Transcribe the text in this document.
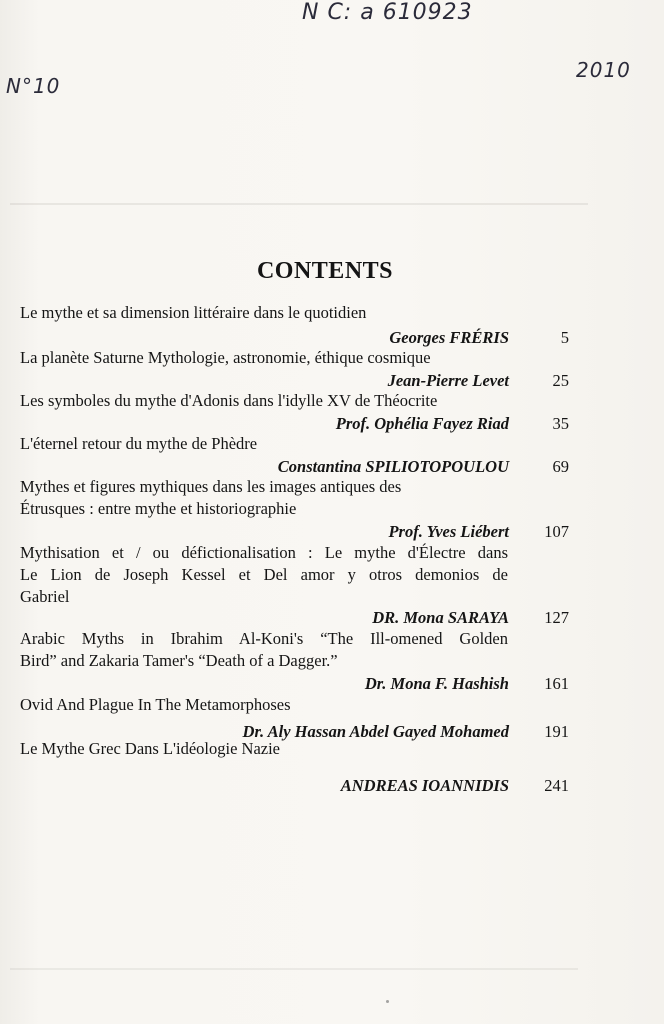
N C: a 610923
N°10
2010
CONTENTS
Le mythe et sa dimension littéraire dans le quotidien
Georges FRÉRIS	5
La planète Saturne Mythologie, astronomie, éthique cosmique
Jean-Pierre Levet	25
Les symboles du mythe d'Adonis dans l'idylle XV de Théocrite
Prof. Ophélia Fayez Riad	35
L'éternel retour du mythe de Phèdre
Constantina SPILIOTOPOULOU	69
Mythes et figures mythiques dans les images antiques des
Étrusques : entre mythe et historiographie
Prof. Yves Liébert 107
Mythisation et / ou défictionalisation : Le mythe d'Électre dans
Le Lion de Joseph Kessel et Del amor y otros demonios de
Gabriel
DR. Mona SARAYA 127
Arabic Myths in Ibrahim Al-Koni's “The Ill-omened Golden
Bird” and Zakaria Tamer's “Death of a Dagger.”
Dr. Mona F. Hashish 161
Ovid And Plague In The Metamorphoses
Dr. Aly Hassan Abdel Gayed Mohamed 191
Le Mythe Grec Dans L'idéologie Nazie
ANDREAS IOANNIDIS 241
